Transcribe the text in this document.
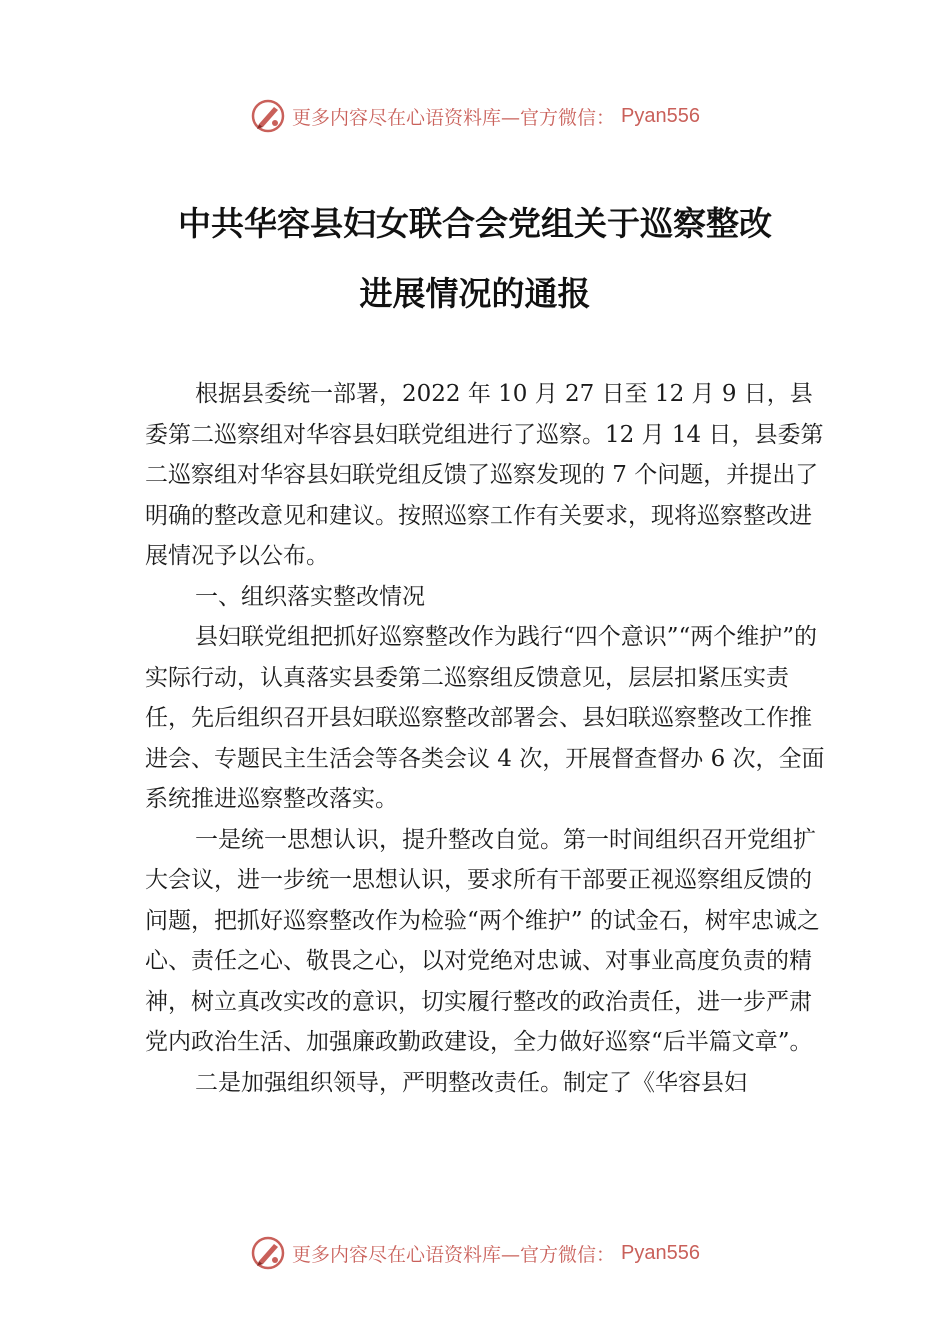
更多内容尽在心语资料库—官方微信： Pyan556
中共华容县妇女联合会党组关于巡察整改
进展情况的通报

根据县委统一部署，2022 年 10 月 27 日至 12 月 9 日，县委第二巡察组对华容县妇联党组进行了巡察。12 月 14 日，县委第二巡察组对华容县妇联党组反馈了巡察发现的 7 个问题，并提出了明确的整改意见和建议。按照巡察工作有关要求，现将巡察整改进展情况予以公布。

一、组织落实整改情况

县妇联党组把抓好巡察整改作为践行“四个意识”“两个维护”的实际行动，认真落实县委第二巡察组反馈意见，层层扣紧压实责任，先后组织召开县妇联巡察整改部署会、县妇联巡察整改工作推进会、专题民主生活会等各类会议 4 次，开展督查督办 6 次，全面系统推进巡察整改落实。

一是统一思想认识，提升整改自觉。第一时间组织召开党组扩大会议，进一步统一思想认识，要求所有干部要正视巡察组反馈的问题，把抓好巡察整改作为检验“两个维护” 的试金石，树牢忠诚之心、责任之心、敬畏之心，以对党绝对忠诚、对事业高度负责的精神，树立真改实改的意识，切实履行整改的政治责任，进一步严肃党内政治生活、加强廉政勤政建设，全力做好巡察“后半篇文章”。

二是加强组织领导，严明整改责任。制定了《华容县妇

更多内容尽在心语资料库—官方微信： Pyan556
